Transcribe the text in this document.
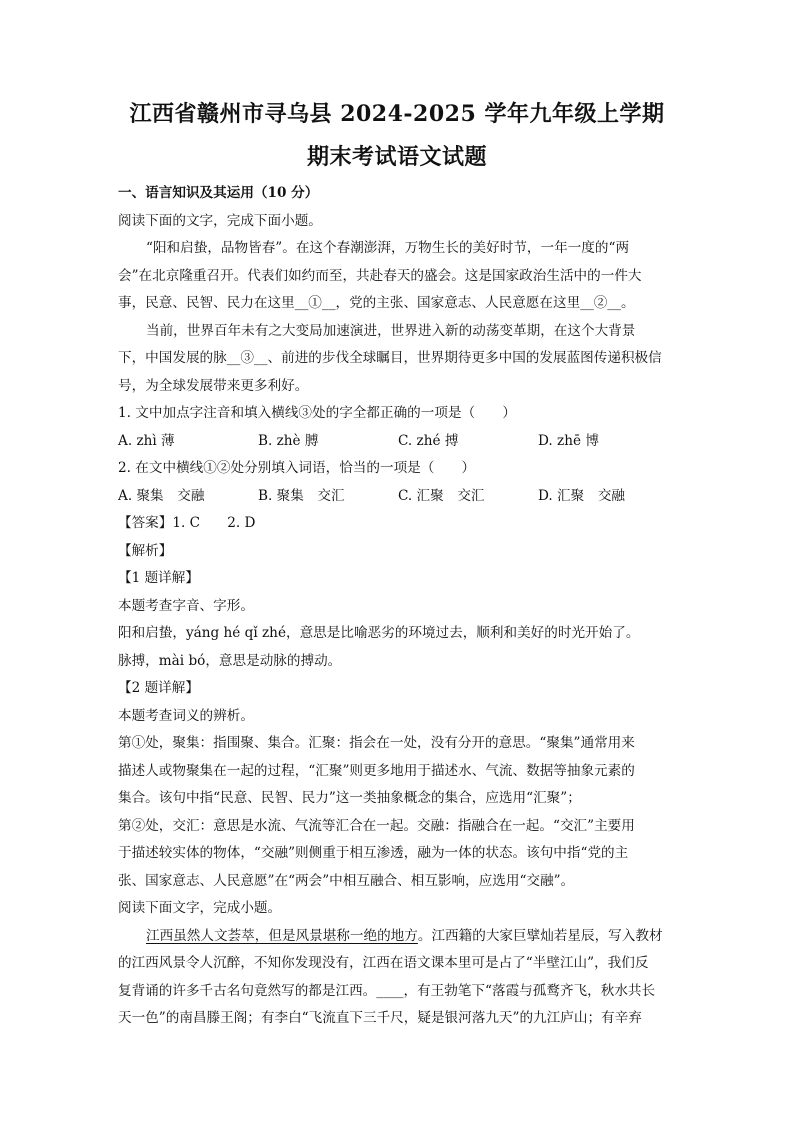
江西省赣州市寻乌县 2024-2025 学年九年级上学期
期末考试语文试题
一、语言知识及其运用（10 分）
阅读下面的文字，完成下面小题。
“阳和启蛰，品物皆春”。在这个春潮澎湃，万物生长的美好时节，一年一度的“两
会”在北京隆重召开。代表们如约而至，共赴春天的盛会。这是国家政治生活中的一件大
事，民意、民智、民力在这里__①__，党的主张、国家意志、人民意愿在这里__②__。
当前，世界百年未有之大变局加速演进，世界进入新的动荡变革期，在这个大背景
下，中国发展的脉__③__、前进的步伐全球瞩目，世界期待更多中国的发展蓝图传递积极信
号，为全球发展带来更多利好。
1. 文中加点字注音和填入横线③处的字全都正确的一项是（　　）
A. zhì 薄	B. zhè 膊	C. zhé 搏	D. zhē 博
2. 在文中横线①②处分别填入词语，恰当的一项是（　　）
A. 聚集　交融	B. 聚集　交汇	C. 汇聚　交汇	D. 汇聚　交融
【答案】1. C　　2. D
【解析】
【1 题详解】
本题考查字音、字形。
阳和启蛰，yáng hé qǐ zhé，意思是比喻恶劣的环境过去，顺利和美好的时光开始了。
脉搏，mài bó，意思是动脉的搏动。
【2 题详解】
本题考查词义的辨析。
第①处，聚集：指围聚、集合。汇聚：指会在一处，没有分开的意思。“聚集”通常用来
描述人或物聚集在一起的过程，“汇聚”则更多地用于描述水、气流、数据等抽象元素的
集合。该句中指“民意、民智、民力”这一类抽象概念的集合，应选用“汇聚”；
第②处，交汇：意思是水流、气流等汇合在一起。交融：指融合在一起。“交汇”主要用
于描述较实体的物体，“交融”则侧重于相互渗透，融为一体的状态。该句中指“党的主
张、国家意志、人民意愿”在“两会”中相互融合、相互影响，应选用“交融”。
阅读下面文字，完成小题。
江西虽然人文荟萃，但是风景堪称一绝的地方。江西籍的大家巨擘灿若星辰，写入教材
的江西风景令人沉醉，不知你发现没有，江西在语文课本里可是占了“半壁江山”，我们反
复背诵的许多千古名句竟然写的都是江西。____，有王勃笔下“落霞与孤鹜齐飞，秋水共长
天一色”的南昌滕王阁；有李白“飞流直下三千尺，疑是银河落九天”的九江庐山；有辛弃
